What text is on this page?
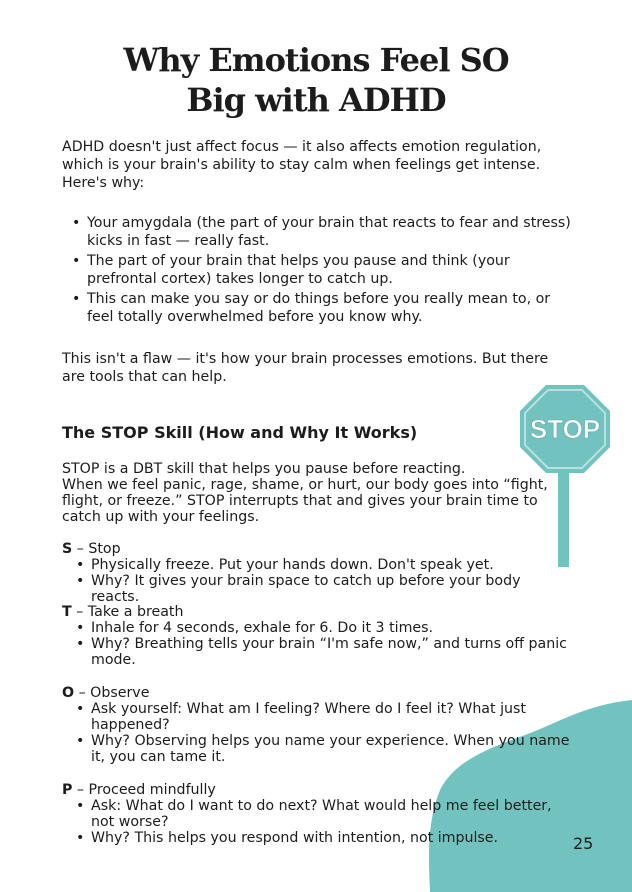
Why Emotions Feel SO
Big with ADHD

ADHD doesn't just affect focus — it also affects emotion regulation, which is your brain's ability to stay calm when feelings get intense. Here's why:

• Your amygdala (the part of your brain that reacts to fear and stress) kicks in fast — really fast.
• The part of your brain that helps you pause and think (your prefrontal cortex) takes longer to catch up.
• This can make you say or do things before you really mean to, or feel totally overwhelmed before you know why.

This isn't a flaw — it's how your brain processes emotions. But there are tools that can help.

The STOP Skill (How and Why It Works)
STOP is a DBT skill that helps you pause before reacting.
When we feel panic, rage, shame, or hurt, our body goes into “fight, flight, or freeze.” STOP interrupts that and gives your brain time to catch up with your feelings.
S – Stop
• Physically freeze. Put your hands down. Don't speak yet.
• Why? It gives your brain space to catch up before your body reacts.
T – Take a breath
• Inhale for 4 seconds, exhale for 6. Do it 3 times.
• Why? Breathing tells your brain “I'm safe now,” and turns off panic mode.
O – Observe
• Ask yourself: What am I feeling? Where do I feel it? What just happened?
• Why? Observing helps you name your experience. When you name it, you can tame it.
P – Proceed mindfully
• Ask: What do I want to do next? What would help me feel better, not worse?
• Why? This helps you respond with intention, not impulse.
STOP
25
